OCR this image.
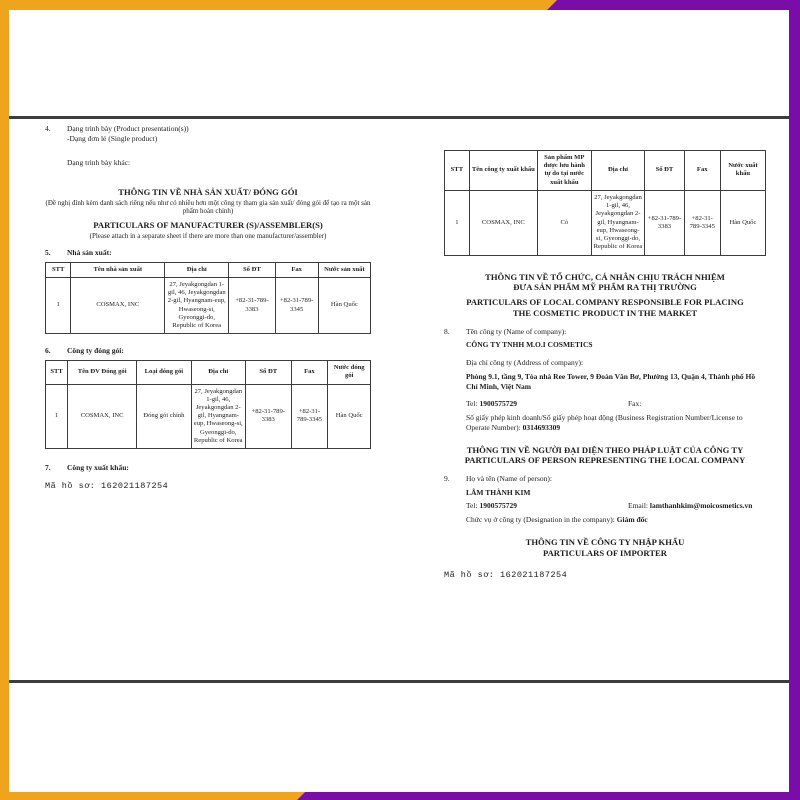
4.	Dạng trình bày (Product presentation(s))
-Dạng đơn lẻ (Single product)
Dạng trình bày khác:
THÔNG TIN VỀ NHÀ SẢN XUẤT/ ĐÓNG GÓI
(Đề nghị đính kèm danh sách riêng nếu như có nhiều hơn một công ty tham gia sản xuất/ đóng gói để tạo ra một sản phẩm hoàn chỉnh)
PARTICULARS OF MANUFACTURER (S)/ASSEMBLER(S)
(Please attach in a separate sheet if there are more than one manufacturer/assembler)
5.	Nhà sản xuất:
STT	Tên nhà sản xuất	Địa chỉ	Số ĐT	Fax	Nước sản xuất
1	COSMAX, INC	27, Jeyakgongdan 1-gil, 46, Jeyakgongdan 2-gil, Hyangnam-eup, Hwaseong-si, Gyeonggi-do, Republic of Korea	+82-31-789-3383	+82-31-789-3345	Hàn Quốc
6.	Công ty đóng gói:
STT	Tên ĐV Đóng gói	Loại đóng gói	Địa chỉ	Số ĐT	Fax	Nước đóng gói
1	COSMAX, INC	Đóng gói chính	27, Jeyakgongdan 1-gil, 46, Jeyakgongdan 2-gil, Hyangnam-eup, Hwaseong-si, Gyeonggi-do, Republic of Korea	+82-31-789-3383	+82-31-789-3345	Hàn Quốc
7.	Công ty xuất khẩu:
Mã hồ sơ: 162021187254
STT	Tên công ty xuất khẩu	Sản phẩm MP được lưu hành tự do tại nước xuất khẩu	Địa chỉ	Số ĐT	Fax	Nước xuất khẩu
1	COSMAX, INC	Có	27, Jeyakgongdan 1-gil, 46, Jeyakgongdan 2-gil, Hyangnam-eup, Hwaseong-si, Gyeonggi-do, Republic of Korea	+82-31-789-3383	+82-31-789-3345	Hàn Quốc
THÔNG TIN VỀ TỔ CHỨC, CÁ NHÂN CHỊU TRÁCH NHIỆM
ĐƯA SẢN PHẨM MỸ PHẨM RA THỊ TRƯỜNG
PARTICULARS OF LOCAL COMPANY RESPONSIBLE FOR PLACING
THE COSMETIC PRODUCT IN THE MARKET
8.	Tên công ty (Name of company):
CÔNG TY TNHH M.O.I COSMETICS
Địa chỉ công ty (Address of company):
Phòng 9.1, tầng 9, Tòa nhà Ree Tower, 9 Đoàn Văn Bơ, Phường 13, Quận 4, Thành phố Hồ Chí Minh, Việt Nam
Tel: 1900575729	Fax:
Số giấy phép kinh doanh/Số giấy phép hoạt động (Business Registration Number/License to Operate Number): 0314693309
THÔNG TIN VỀ NGƯỜI ĐẠI DIỆN THEO PHÁP LUẬT CỦA CÔNG TY
PARTICULARS OF PERSON REPRESENTING THE LOCAL COMPANY
9.	Họ và tên (Name of person):
LÂM THÀNH KIM
Tel: 1900575729	Email: lamthanhkim@moicosmetics.vn
Chức vụ ở công ty (Designation in the company): Giám đốc
THÔNG TIN VỀ CÔNG TY NHẬP KHẨU
PARTICULARS OF IMPORTER
Mã hồ sơ: 162021187254
